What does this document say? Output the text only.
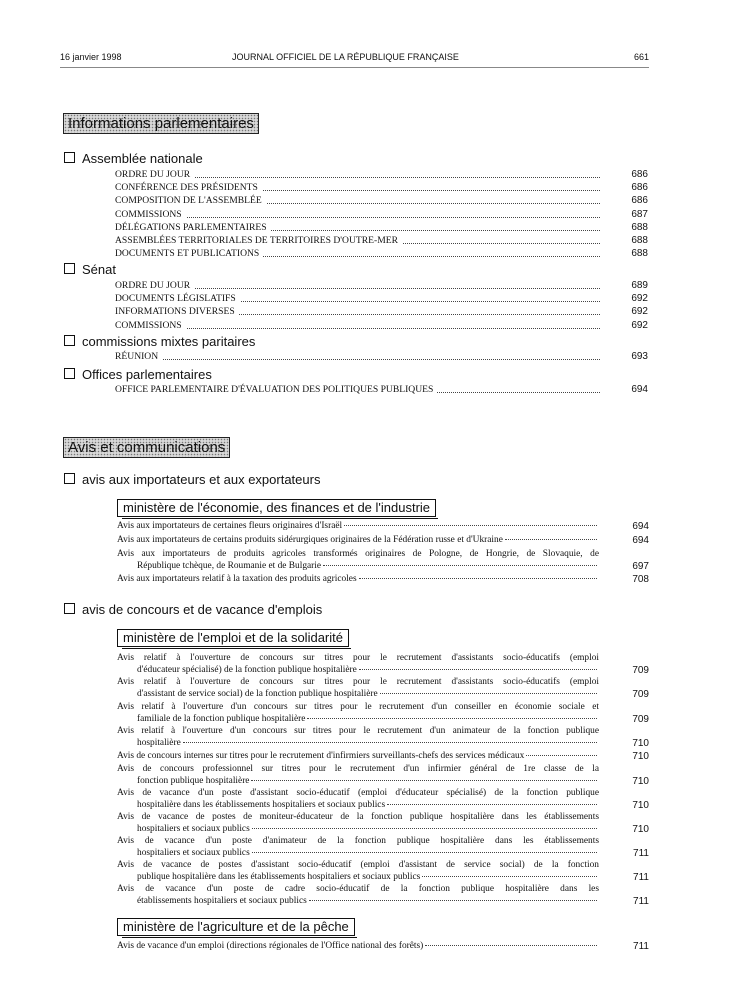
16 janvier 1998	JOURNAL OFFICIEL DE LA RÉPUBLIQUE FRANÇAISE	661
Informations parlementaires
Assemblée nationale
ORDRE DU JOUR	686
CONFÉRENCE DES PRÉSIDENTS	686
COMPOSITION DE L'ASSEMBLÉE	686
COMMISSIONS	687
DÉLÉGATIONS PARLEMENTAIRES	688
ASSEMBLÉES TERRITORIALES DE TERRITOIRES D'OUTRE-MER	688
DOCUMENTS ET PUBLICATIONS	688
Sénat
ORDRE DU JOUR	689
DOCUMENTS LÉGISLATIFS	692
INFORMATIONS DIVERSES	692
COMMISSIONS	692
commissions mixtes paritaires
RÉUNION	693
Offices parlementaires
OFFICE PARLEMENTAIRE D'ÉVALUATION DES POLITIQUES PUBLIQUES	694
Avis et communications
avis aux importateurs et aux exportateurs
ministère de l'économie, des finances et de l'industrie
Avis aux importateurs de certaines fleurs originaires d'Israël	694
Avis aux importateurs de certains produits sidérurgiques originaires de la Fédération russe et d'Ukraine	694
Avis aux importateurs de produits agricoles transformés originaires de Pologne, de Hongrie, de Slovaquie, de
République tchèque, de Roumanie et de Bulgarie	697
Avis aux importateurs relatif à la taxation des produits agricoles	708
avis de concours et de vacance d'emplois
ministère de l'emploi et de la solidarité
Avis relatif à l'ouverture de concours sur titres pour le recrutement d'assistants socio-éducatifs (emploi
d'éducateur spécialisé) de la fonction publique hospitalière	709
Avis relatif à l'ouverture de concours sur titres pour le recrutement d'assistants socio-éducatifs (emploi
d'assistant de service social) de la fonction publique hospitalière	709
Avis relatif à l'ouverture d'un concours sur titres pour le recrutement d'un conseiller en économie sociale et
familiale de la fonction publique hospitalière	709
Avis relatif à l'ouverture d'un concours sur titres pour le recrutement d'un animateur de la fonction publique
hospitalière	710
Avis de concours internes sur titres pour le recrutement d'infirmiers surveillants-chefs des services médicaux	710
Avis de concours professionnel sur titres pour le recrutement d'un infirmier général de 1re classe de la
fonction publique hospitalière	710
Avis de vacance d'un poste d'assistant socio-éducatif (emploi d'éducateur spécialisé) de la fonction publique
hospitalière dans les établissements hospitaliers et sociaux publics	710
Avis de vacance de postes de moniteur-éducateur de la fonction publique hospitalière dans les établissements
hospitaliers et sociaux publics	710
Avis de vacance d'un poste d'animateur de la fonction publique hospitalière dans les établissements
hospitaliers et sociaux publics	711
Avis de vacance de postes d'assistant socio-éducatif (emploi d'assistant de service social) de la fonction
publique hospitalière dans les établissements hospitaliers et sociaux publics	711
Avis de vacance d'un poste de cadre socio-éducatif de la fonction publique hospitalière dans les
établissements hospitaliers et sociaux publics	711
ministère de l'agriculture et de la pêche
Avis de vacance d'un emploi (directions régionales de l'Office national des forêts)	711
